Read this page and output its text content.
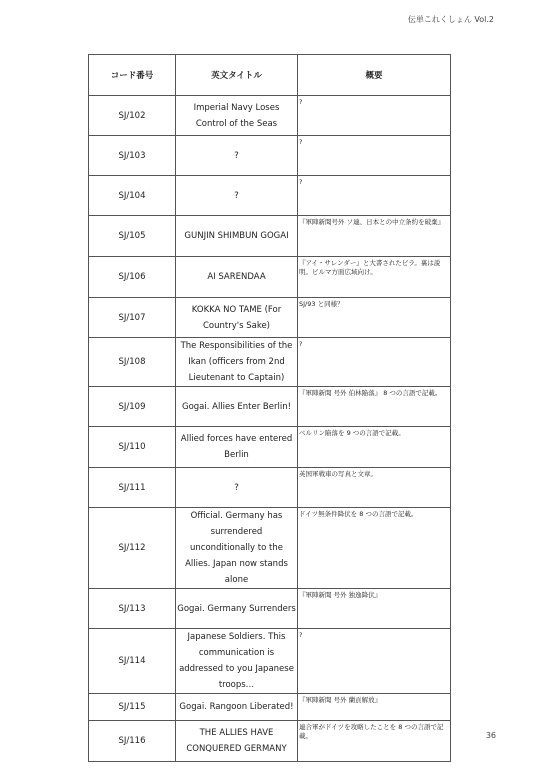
伝単これくしょん Vol.2
コード番号	英文タイトル	概要
SJ/102	Imperial Navy Loses Control of the Seas	?
SJ/103	?	?
SJ/104	?	?
SJ/105	GUNJIN SHIMBUN GOGAI	『軍陣新聞号外 ソ連、日本との中立条約を破棄』
SJ/106	AI SARENDAA	『アイ・サレンダー』と大書されたビラ。裏は説明。ビルマ方面広域向け。
SJ/107	KOKKA NO TAME (For Country's Sake)	SJ/93 と同様？
SJ/108	The Responsibilities of the Ikan (officers from 2nd Lieutenant to Captain)	?
SJ/109	Gogai. Allies Enter Berlin!	『軍陣新聞 号外 伯林陥落』 8 つの言語で記載。
SJ/110	Allied forces have entered Berlin	ベルリン陥落を 9 つの言語で記載。
SJ/111	?	英国軍戦車の写真と文章。
SJ/112	Official. Germany has surrendered unconditionally to the Allies. Japan now stands alone	ドイツ無条件降伏を 8 つの言語で記載。
SJ/113	Gogai. Germany Surrenders	『軍陣新聞 号外 独逸降伏』
SJ/114	Japanese Soldiers. This communication is addressed to you Japanese troops…	?
SJ/115	Gogai. Rangoon Liberated!	『軍陣新聞 号外 蘭貢解放』
SJ/116	THE ALLIES HAVE CONQUERED GERMANY	連合軍がドイツを攻略したことを 8 つの言語で記載。	36
